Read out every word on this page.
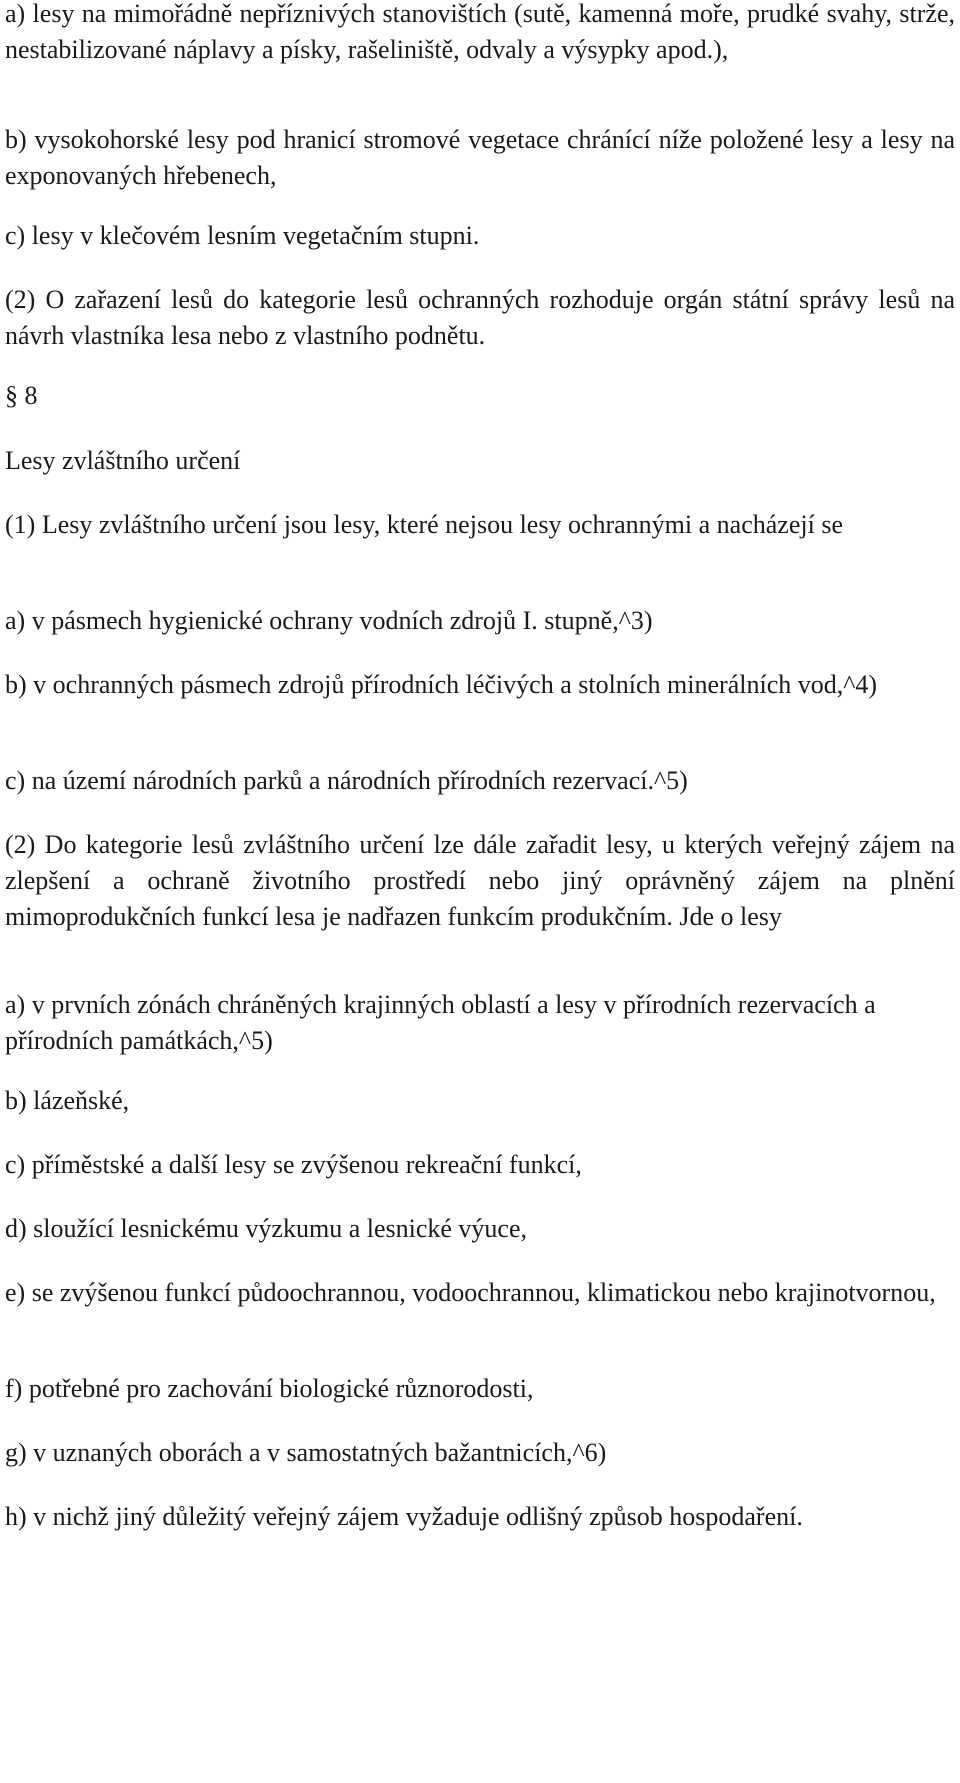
a) lesy na mimořádně nepříznivých stanovištích (sutě, kamenná moře, prudké svahy, strže, nestabilizované náplavy a písky, rašeliniště, odvaly a výsypky apod.),

b) vysokohorské lesy pod hranicí stromové vegetace chránící níže položené lesy a lesy na exponovaných hřebenech,

c) lesy v klečovém lesním vegetačním stupni.

(2) O zařazení lesů do kategorie lesů ochranných rozhoduje orgán státní správy lesů na návrh vlastníka lesa nebo z vlastního podnětu.

§ 8

Lesy zvláštního určení

(1) Lesy zvláštního určení jsou lesy, které nejsou lesy ochrannými a nacházejí se

a) v pásmech hygienické ochrany vodních zdrojů I. stupně,^3)

b) v ochranných pásmech zdrojů přírodních léčivých a stolních minerálních vod,^4)

c) na území národních parků a národních přírodních rezervací.^5)

(2) Do kategorie lesů zvláštního určení lze dále zařadit lesy, u kterých veřejný zájem na zlepšení a ochraně životního prostředí nebo jiný oprávněný zájem na plnění mimoprodukčních funkcí lesa je nadřazen funkcím produkčním. Jde o lesy

a) v prvních zónách chráněných krajinných oblastí a lesy v přírodních rezervacích a přírodních památkách,^5)

b) lázeňské,

c) příměstské a další lesy se zvýšenou rekreační funkcí,

d) sloužící lesnickému výzkumu a lesnické výuce,

e) se zvýšenou funkcí půdoochrannou, vodoochrannou, klimatickou nebo krajinotvornou,

f) potřebné pro zachování biologické různorodosti,

g) v uznaných oborách a v samostatných bažantnicích,^6)

h) v nichž jiný důležitý veřejný zájem vyžaduje odlišný způsob hospodaření.
